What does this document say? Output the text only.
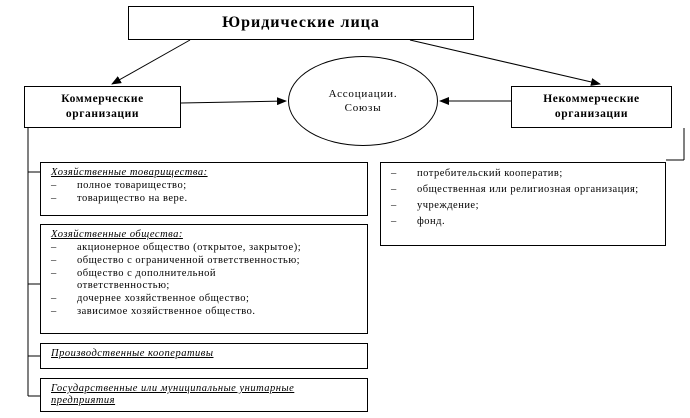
Юридические лица
Коммерческие
организации
Ассоциации.
Союзы
Некоммерческие
организации
Хозяйственные товарищества:
– полное товарищество;
– товарищество на вере.
Хозяйственные общества:
– акционерное общество (открытое, закрытое);
– общество с ограниченной ответственностью;
– общество с дополнительной ответственностью;
– дочернее хозяйственное общество;
– зависимое хозяйственное общество.
Производственные кооперативы
Государственные или муниципальные унитарные предприятия
– потребительский кооператив;
– общественная или религиозная организация;
– учреждение;
– фонд.
